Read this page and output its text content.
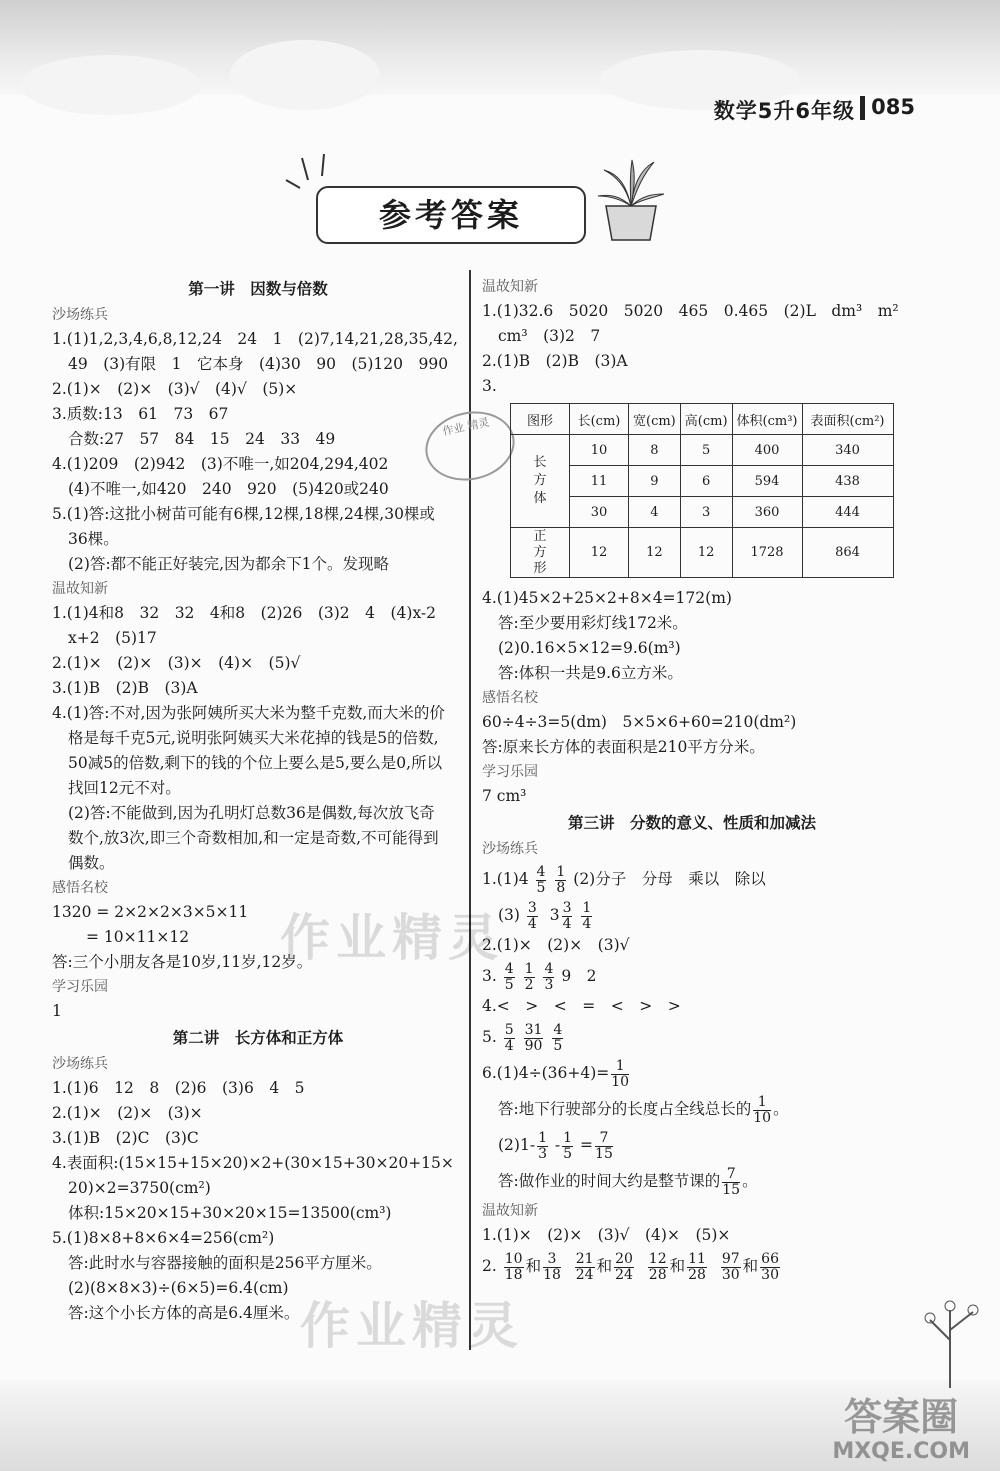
数学5升6年级 085
参考答案
作业精灵
作业精灵
作业 精灵
第一讲　因数与倍数
沙场练兵
1.(1)1,2,3,4,6,8,12,24　24　1　(2)7,14,21,28,35,42,
49　(3)有限　1　它本身　(4)30　90　(5)120　990
2.(1)×　(2)×　(3)√　(4)√　(5)×
3.质数:13　61　73　67
合数:27　57　84　15　24　33　49
4.(1)209　(2)942　(3)不唯一,如204,294,402
(4)不唯一,如420　240　920　(5)420或240
5.(1)答:这批小树苗可能有6棵,12棵,18棵,24棵,30棵或
36棵。
(2)答:都不能正好装完,因为都余下1个。发现略
温故知新
1.(1)4和8　32　32　4和8　(2)26　(3)2　4　(4)x-2
x+2　(5)17
2.(1)×　(2)×　(3)×　(4)×　(5)√
3.(1)B　(2)B　(3)A
4.(1)答:不对,因为张阿姨所买大米为整千克数,而大米的价
格是每千克5元,说明张阿姨买大米花掉的钱是5的倍数,
50减5的倍数,剩下的钱的个位上要么是5,要么是0,所以
找回12元不对。
(2)答:不能做到,因为孔明灯总数36是偶数,每次放飞奇
数个,放3次,即三个奇数相加,和一定是奇数,不可能得到
偶数。
感悟名校
1320 = 2×2×2×3×5×11
= 10×11×12
答:三个小朋友各是10岁,11岁,12岁。
学习乐园
1
第二讲　长方体和正方体
沙场练兵
1.(1)6　12　8　(2)6　(3)6　4　5
2.(1)×　(2)×　(3)×
3.(1)B　(2)C　(3)C
4.表面积:(15×15+15×20)×2+(30×15+30×20+15×
20)×2=3750(cm²)
体积:15×20×15+30×20×15=13500(cm³)
5.(1)8×8+8×6×4=256(cm²)
答:此时水与容器接触的面积是256平方厘米。
(2)(8×8×3)÷(6×5)=6.4(cm)
答:这个小长方体的高是6.4厘米。
温故知新
1.(1)32.6　5020　5020　465　0.465　(2)L　dm³　m²
cm³　(3)2　7
2.(1)B　(2)B　(3)A
3.
图形	长(cm)	宽(cm)	高(cm)	体积(cm³)	表面积(cm²)
长方体	10	8	5	400	340
	11	9	6	594	438
	30	4	3	360	444
正方形	12	12	12	1728	864
4.(1)45×2+25×2+8×4=172(m)
答:至少要用彩灯线172米。
(2)0.16×5×12=9.6(m³)
答:体积一共是9.6立方米。
感悟名校
60÷4÷3=5(dm)　5×5×6+60=210(dm²)
答:原来长方体的表面积是210平方分米。
学习乐园
7 cm³
第三讲　分数的意义、性质和加减法
沙场练兵
$1.(1)4 \frac{4}{5}$
$\frac{1}{8} (2)$分子　分母　乘以　除以
$(3) \frac{3}{4} 3 \frac{3}{4}$
$\frac{1}{4}$
2.(1)×　(2)×　(3)√
3. $\frac{4}{5}$
$\frac{1}{2}$
$\frac{4}{3} 9$　2
4.<　>　<　=　<　>　>
5. $\frac{5}{4}$
$\frac{31}{90}$
$\frac{4}{5}$
$6.(1)4\div(36+4)= \frac{1}{10}$
答:地下行驶部分的长度占全线总长的 $\frac{1}{10}$ 。
$(2)1- \frac{1}{3} - \frac{1}{5} = \frac{7}{15}$
答:做作业的时间大约是整节课的 $\frac{7}{15}$ 。
温故知新
1.(1)×　(2)×　(3)√　(4)×　(5)×
2. $\frac{10}{18}$ 和 $\frac{3}{18}$
$\frac{21}{24}$ 和 $\frac{20}{24}$
$\frac{12}{28}$ 和 $\frac{11}{28}$
$\frac{97}{30}$ 和 $\frac{66}{30}$
答案圈
MXQE.COM
